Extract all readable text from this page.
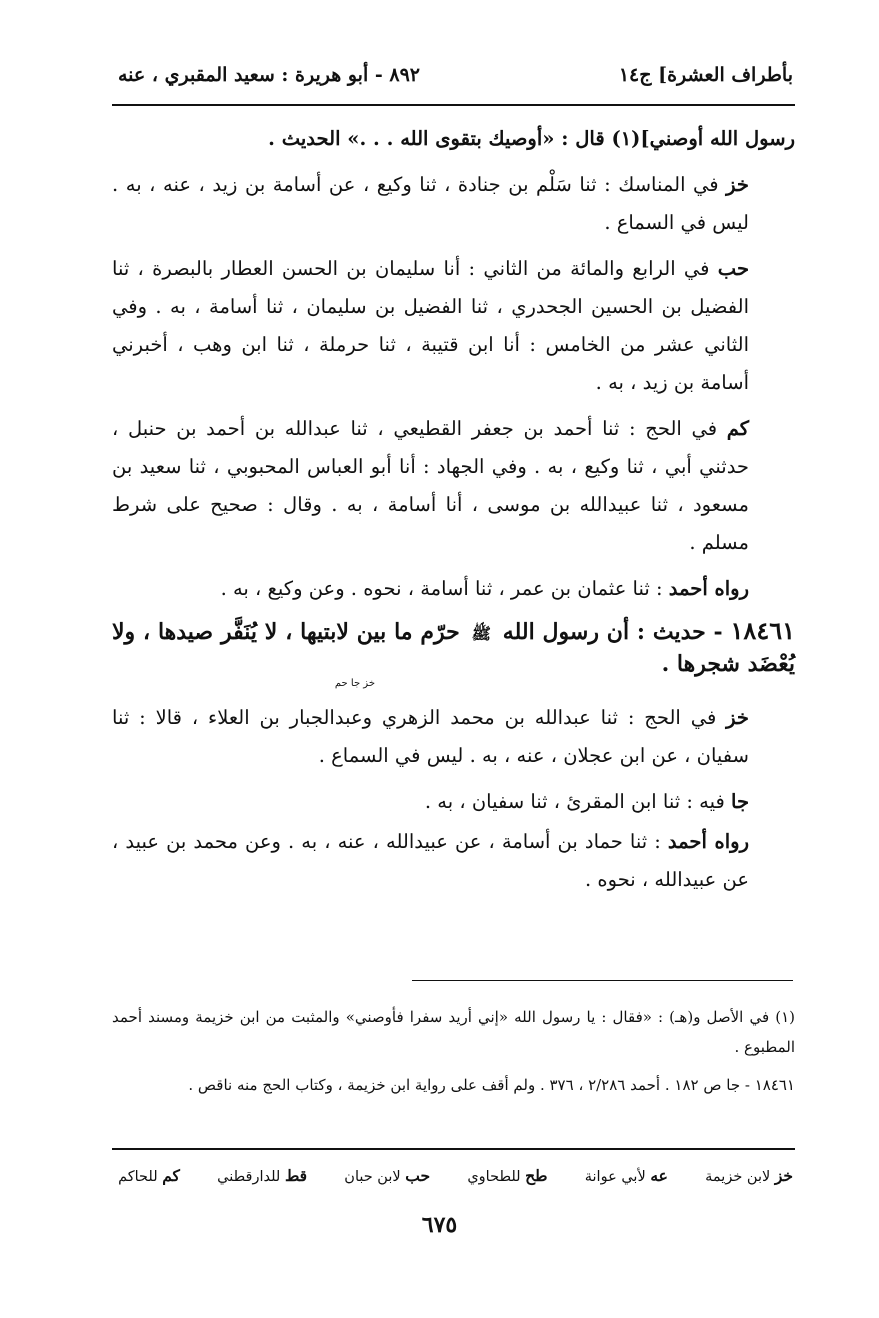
بأطراف العشرة] ج١٤
٨٩٢ - أبو هريرة : سعيد المقبري ، عنه

رسول الله أوصني](١) قال : «أوصيك بتقوى الله . . .» الحديث .

خز في المناسك : ثنا سَلْم بن جنادة ، ثنا وكيع ، عن أسامة بن زيد ، عنه ، به . ليس في السماع .

حب في الرابع والمائة من الثاني : أنا سليمان بن الحسن العطار بالبصرة ، ثنا الفضيل بن الحسين الجحدري ، ثنا الفضيل بن سليمان ، ثنا أسامة ، به . وفي الثاني عشر من الخامس : أنا ابن قتيبة ، ثنا حرملة ، ثنا ابن وهب ، أخبرني أسامة بن زيد ، به .

كم في الحج : ثنا أحمد بن جعفر القطيعي ، ثنا عبدالله بن أحمد بن حنبل ، حدثني أبي ، ثنا وكيع ، به . وفي الجهاد : أنا أبو العباس المحبوبي ، ثنا سعيد بن مسعود ، ثنا عبيدالله بن موسى ، أنا أسامة ، به . وقال : صحيح على شرط مسلم .

رواه أحمد : ثنا عثمان بن عمر ، ثنا أسامة ، نحوه . وعن وكيع ، به .

١٨٤٦١ - حديث : أن رسول الله ﷺ حرّم ما بين لابتيها ، لا يُنَفَّر صيدها ، ولا يُعْضَد شجرها .
خز جا حم

خز في الحج : ثنا عبدالله بن محمد الزهري وعبدالجبار بن العلاء ، قالا : ثنا سفيان ، عن ابن عجلان ، عنه ، به . ليس في السماع .

جا فيه : ثنا ابن المقرئ ، ثنا سفيان ، به .

رواه أحمد : ثنا حماد بن أسامة ، عن عبيدالله ، عنه ، به . وعن محمد بن عبيد ، عن عبيدالله ، نحوه .

(١) في الأصل و(هـ) : «فقال : يا رسول الله «إني أريد سفرا فأوصني» والمثبت من ابن خزيمة ومسند أحمد المطبوع .

١٨٤٦١ - جا ص ١٨٢ . أحمد ٢/٢٨٦ ، ٣٧٦ . ولم أقف على رواية ابن خزيمة ، وكتاب الحج منه ناقص .

خز لابن خزيمة
عه لأبي عوانة
طح للطحاوي
حب لابن حبان
قط للدارقطني
كم للحاكم
٦٧٥
